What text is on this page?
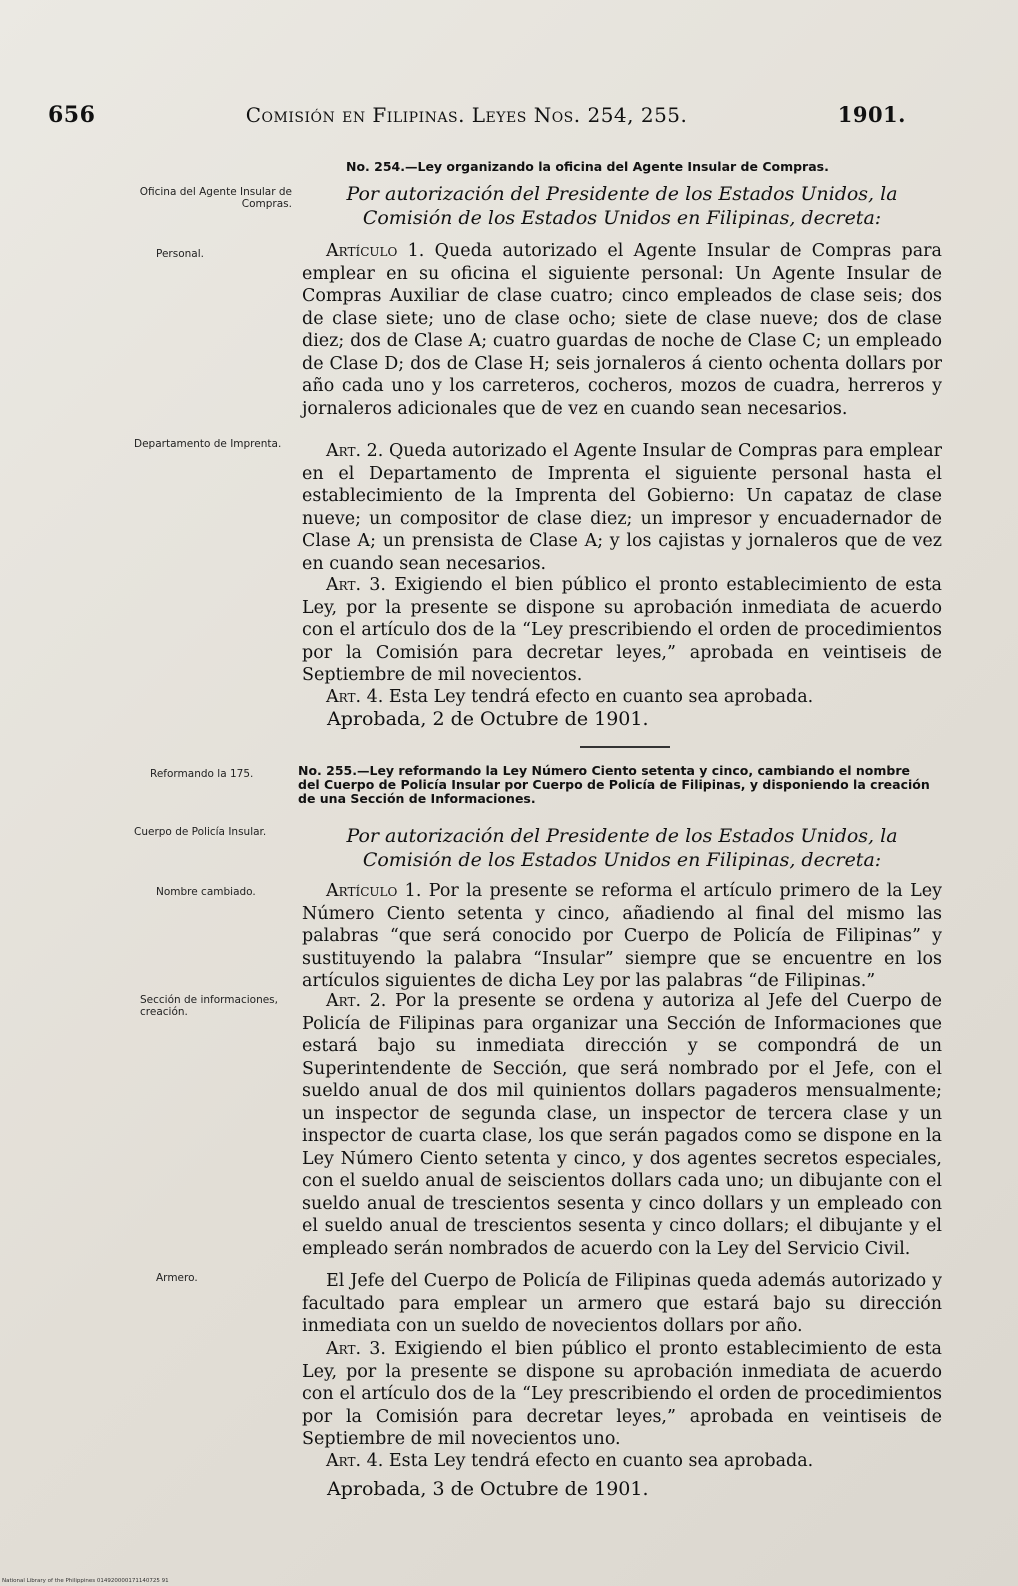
656	Comisión en Filipinas. Leyes Nos. 254, 255.	1901.
No. 254.—Ley organizando la oficina del Agente Insular de Compras.
Oficina del Agente Insular de Compras.	Por autorización del Presidente de los Estados Unidos, la Comisión de los Estados Unidos en Filipinas, decreta:
Personal.	Artículo 1. Queda autorizado el Agente Insular de Compras para emplear en su oficina el siguiente personal: Un Agente Insular de Compras Auxiliar de clase cuatro; cinco empleados de clase seis; dos de clase siete; uno de clase ocho; siete de clase nueve; dos de clase diez; dos de Clase A; cuatro guardas de noche de Clase C; un empleado de Clase D; dos de Clase H; seis jornaleros á ciento ochenta dollars por año cada uno y los carreteros, cocheros, mozos de cuadra, herreros y jornaleros adicionales que de vez en cuando sean necesarios.

Departamento de Imprenta.	Art. 2. Queda autorizado el Agente Insular de Compras para emplear en el Departamento de Imprenta el siguiente personal hasta el establecimiento de la Imprenta del Gobierno: Un capataz de clase nueve; un compositor de clase diez; un impresor y encuadernador de Clase A; un prensista de Clase A; y los cajistas y jornaleros que de vez en cuando sean necesarios.

Art. 3. Exigiendo el bien público el pronto establecimiento de esta Ley, por la presente se dispone su aprobación inmediata de acuerdo con el artículo dos de la “Ley prescribiendo el orden de procedimientos por la Comisión para decretar leyes,” aprobada en veintiseis de Septiembre de mil novecientos.

Art. 4. Esta Ley tendrá efecto en cuanto sea aprobada.

Aprobada, 2 de Octubre de 1901.
Reformando la 175.	No. 255.—Ley reformando la Ley Número Ciento setenta y cinco, cambiando el nombre del Cuerpo de Policía Insular por Cuerpo de Policía de Filipinas, y disponiendo la creación de una Sección de Informaciones.
Cuerpo de Policía Insular.	Por autorización del Presidente de los Estados Unidos, la Comisión de los Estados Unidos en Filipinas, decreta:
Nombre cambiado.	Artículo 1. Por la presente se reforma el artículo primero de la Ley Número Ciento setenta y cinco, añadiendo al final del mismo las palabras “que será conocido por Cuerpo de Policía de Filipinas” y sustituyendo la palabra “Insular” siempre que se encuentre en los artículos siguientes de dicha Ley por las palabras “de Filipinas.”

Sección de informaciones, creación.

Art. 2. Por la presente se ordena y autoriza al Jefe del Cuerpo de Policía de Filipinas para organizar una Sección de Informaciones que estará bajo su inmediata dirección y se compondrá de un Superintendente de Sección, que será nombrado por el Jefe, con el sueldo anual de dos mil quinientos dollars pagaderos mensualmente; un inspector de segunda clase, un inspector de tercera clase y un inspector de cuarta clase, los que serán pagados como se dispone en la Ley Número Ciento setenta y cinco, y dos agentes secretos especiales, con el sueldo anual de seiscientos dollars cada uno; un dibujante con el sueldo anual de trescientos sesenta y cinco dollars y un empleado con el sueldo anual de trescientos sesenta y cinco dollars; el dibujante y el empleado serán nombrados de acuerdo con la Ley del Servicio Civil.

Armero.	El Jefe del Cuerpo de Policía de Filipinas queda además autorizado y facultado para emplear un armero que estará bajo su dirección inmediata con un sueldo de novecientos dollars por año.

Art. 3. Exigiendo el bien público el pronto establecimiento de esta Ley, por la presente se dispone su aprobación inmediata de acuerdo con el artículo dos de la “Ley prescribiendo el orden de procedimientos por la Comisión para decretar leyes,” aprobada en veintiseis de Septiembre de mil novecientos uno.

Art. 4. Esta Ley tendrá efecto en cuanto sea aprobada.

Aprobada, 3 de Octubre de 1901.
National Library of the Philippines 014920000171140725 91
